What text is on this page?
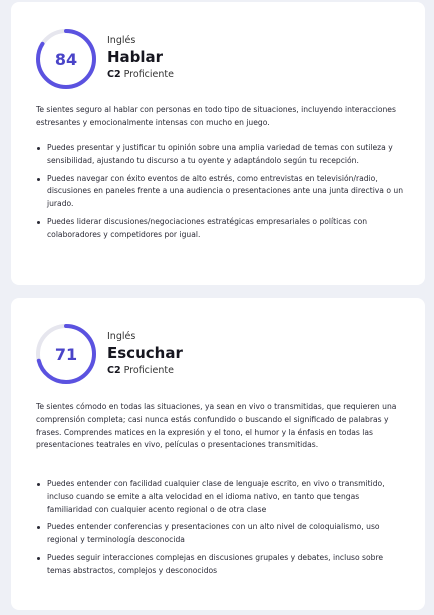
84
Inglés
Hablar
C2 Proficiente

Te sientes seguro al hablar con personas en todo tipo de situaciones, incluyendo interacciones estresantes y emocionalmente intensas con mucho en juego.

Puedes presentar y justificar tu opinión sobre una amplia variedad de temas con sutileza y sensibilidad, ajustando tu discurso a tu oyente y adaptándolo según tu recepción.
Puedes navegar con éxito eventos de alto estrés, como entrevistas en televisión/radio, discusiones en paneles frente a una audiencia o presentaciones ante una junta directiva o un jurado.
Puedes liderar discusiones/negociaciones estratégicas empresariales o políticas con colaboradores y competidores por igual.
71
Inglés
Escuchar
C2 Proficiente

Te sientes cómodo en todas las situaciones, ya sean en vivo o transmitidas, que requieren una comprensión completa; casi nunca estás confundido o buscando el significado de palabras y frases. Comprendes matices en la expresión y el tono, el humor y la énfasis en todas las presentaciones teatrales en vivo, películas o presentaciones transmitidas.

Puedes entender con facilidad cualquier clase de lenguaje escrito, en vivo o transmitido, incluso cuando se emite a alta velocidad en el idioma nativo, en tanto que tengas familiaridad con cualquier acento regional o de otra clase
Puedes entender conferencias y presentaciones con un alto nivel de coloquialismo, uso regional y terminología desconocida
Puedes seguir interacciones complejas en discusiones grupales y debates, incluso sobre temas abstractos, complejos y desconocidos
